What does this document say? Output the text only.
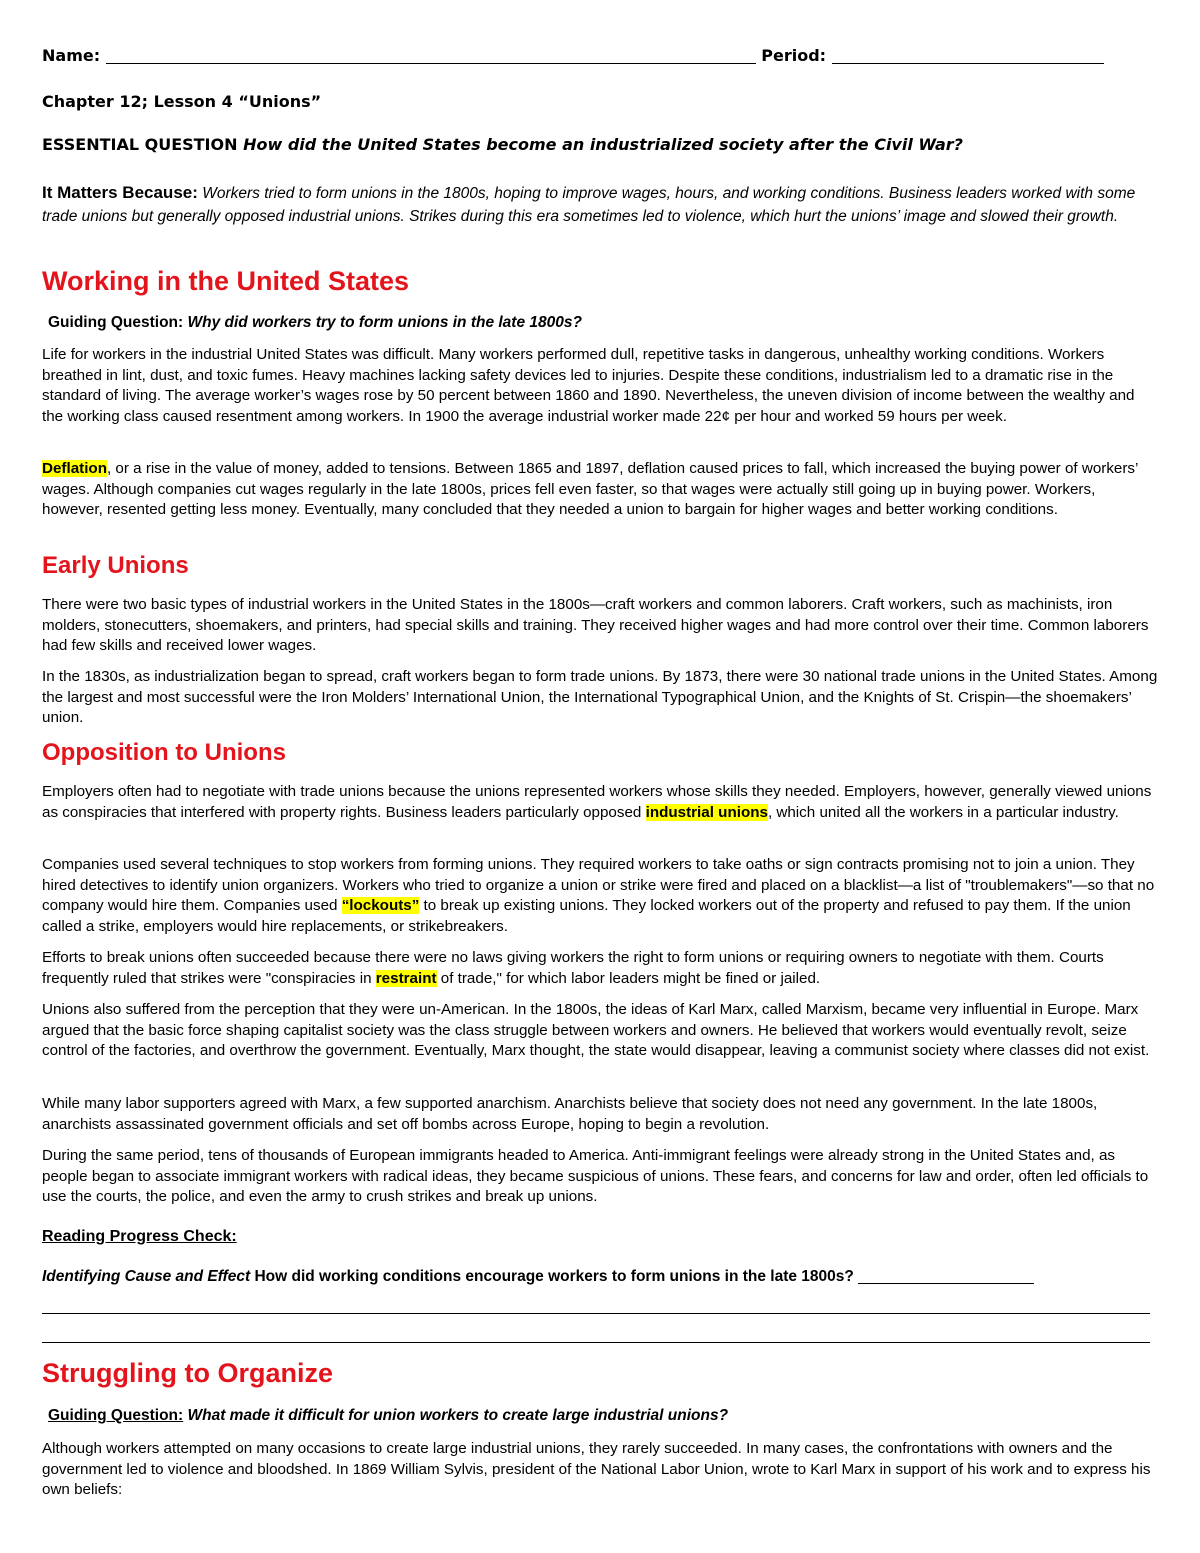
Name:	Period:
Chapter 12; Lesson 4 “Unions”
ESSENTIAL QUESTION How did the United States become an industrialized society after the Civil War?
It Matters Because: Workers tried to form unions in the 1800s, hoping to improve wages, hours, and working conditions. Business leaders worked with some trade unions but generally opposed industrial unions. Strikes during this era sometimes led to violence, which hurt the unions’ image and slowed their growth.
Working in the United States
Guiding Question: Why did workers try to form unions in the late 1800s?
Life for workers in the industrial United States was difficult. Many workers performed dull, repetitive tasks in dangerous, unhealthy working conditions. Workers breathed in lint, dust, and toxic fumes. Heavy machines lacking safety devices led to injuries. Despite these conditions, industrialism led to a dramatic rise in the standard of living. The average worker’s wages rose by 50 percent between 1860 and 1890. Nevertheless, the uneven division of income between the wealthy and the working class caused resentment among workers. In 1900 the average industrial worker made 22¢ per hour and worked 59 hours per week.
Deflation, or a rise in the value of money, added to tensions. Between 1865 and 1897, deflation caused prices to fall, which increased the buying power of workers’ wages. Although companies cut wages regularly in the late 1800s, prices fell even faster, so that wages were actually still going up in buying power. Workers, however, resented getting less money. Eventually, many concluded that they needed a union to bargain for higher wages and better working conditions.
Early Unions
There were two basic types of industrial workers in the United States in the 1800s—craft workers and common laborers. Craft workers, such as machinists, iron molders, stonecutters, shoemakers, and printers, had special skills and training. They received higher wages and had more control over their time. Common laborers had few skills and received lower wages.
In the 1830s, as industrialization began to spread, craft workers began to form trade unions. By 1873, there were 30 national trade unions in the United States. Among the largest and most successful were the Iron Molders’ International Union, the International Typographical Union, and the Knights of St. Crispin—the shoemakers’ union.
Opposition to Unions
Employers often had to negotiate with trade unions because the unions represented workers whose skills they needed. Employers, however, generally viewed unions as conspiracies that interfered with property rights. Business leaders particularly opposed industrial unions, which united all the workers in a particular industry.
Companies used several techniques to stop workers from forming unions. They required workers to take oaths or sign contracts promising not to join a union. They hired detectives to identify union organizers. Workers who tried to organize a union or strike were fired and placed on a blacklist—a list of "troublemakers"—so that no company would hire them. Companies used “lockouts” to break up existing unions. They locked workers out of the property and refused to pay them. If the union called a strike, employers would hire replacements, or strikebreakers.
Efforts to break unions often succeeded because there were no laws giving workers the right to form unions or requiring owners to negotiate with them. Courts frequently ruled that strikes were "conspiracies in restraint of trade," for which labor leaders might be fined or jailed.
Unions also suffered from the perception that they were un-American. In the 1800s, the ideas of Karl Marx, called Marxism, became very influential in Europe. Marx argued that the basic force shaping capitalist society was the class struggle between workers and owners. He believed that workers would eventually revolt, seize control of the factories, and overthrow the government. Eventually, Marx thought, the state would disappear, leaving a communist society where classes did not exist.
While many labor supporters agreed with Marx, a few supported anarchism. Anarchists believe that society does not need any government. In the late 1800s, anarchists assassinated government officials and set off bombs across Europe, hoping to begin a revolution.
During the same period, tens of thousands of European immigrants headed to America. Anti-immigrant feelings were already strong in the United States and, as people began to associate immigrant workers with radical ideas, they became suspicious of unions. These fears, and concerns for law and order, often led officials to use the courts, the police, and even the army to crush strikes and break up unions.
Reading Progress Check:
Identifying Cause and Effect How did working conditions encourage workers to form unions in the late 1800s?
Struggling to Organize
Guiding Question: What made it difficult for union workers to create large industrial unions?
Although workers attempted on many occasions to create large industrial unions, they rarely succeeded. In many cases, the confrontations with owners and the government led to violence and bloodshed. In 1869 William Sylvis, president of the National Labor Union, wrote to Karl Marx in support of his work and to express his own beliefs:
